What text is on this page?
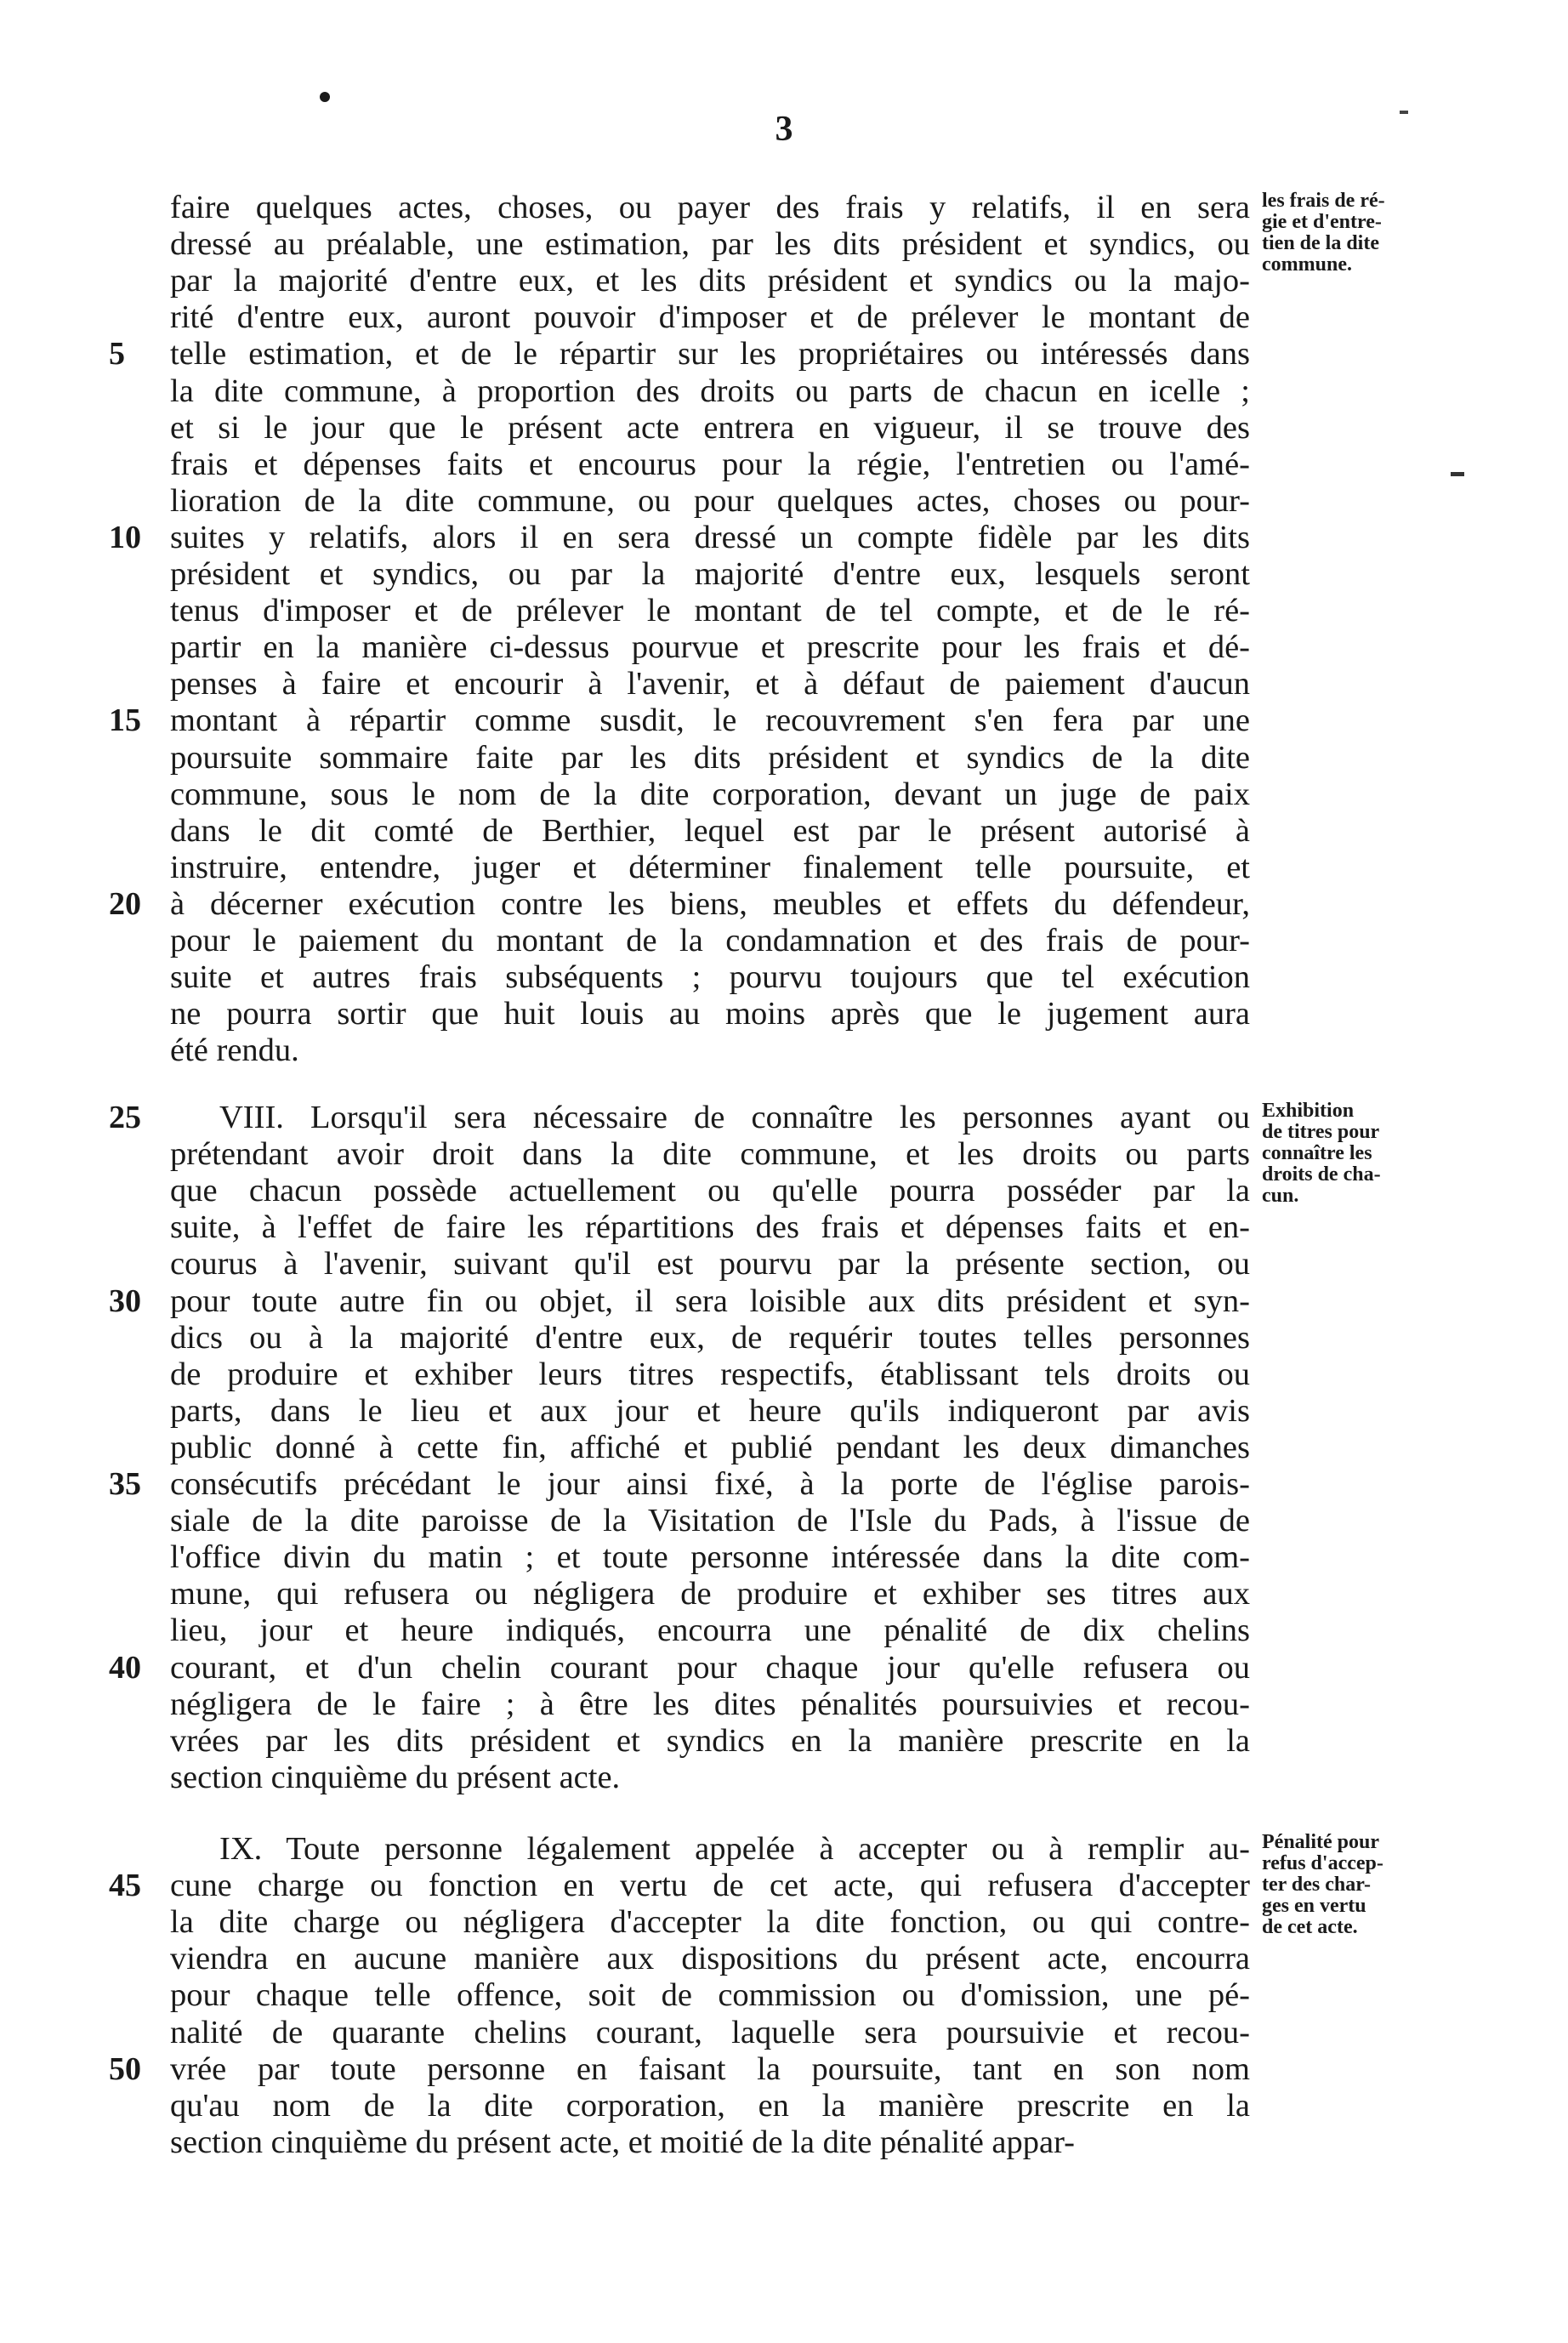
3
faire quelques actes, choses, ou payer des frais y relatifs, il en sera
dressé au préalable, une estimation, par les dits président et syndics, ou
par la majorité d'entre eux, et les dits président et syndics ou la majo-
rité d'entre eux, auront pouvoir d'imposer et de prélever le montant de
5	telle estimation, et de le répartir sur les propriétaires ou intéressés dans
la dite commune, à proportion des droits ou parts de chacun en icelle ;
et si le jour que le présent acte entrera en vigueur, il se trouve des
frais et dépenses faits et encourus pour la régie, l'entretien ou l'amé-
lioration de la dite commune, ou pour quelques actes, choses ou pour-
10 suites y relatifs, alors il en sera dressé un compte fidèle par les dits
président et syndics, ou par la majorité d'entre eux, lesquels seront
tenus d'imposer et de prélever le montant de tel compte, et de le ré-
partir en la manière ci-dessus pourvue et prescrite pour les frais et dé-
penses à faire et encourir à l'avenir, et à défaut de paiement d'aucun
15 montant à répartir comme susdit, le recouvrement s'en fera par une
poursuite sommaire faite par les dits président et syndics de la dite
commune, sous le nom de la dite corporation, devant un juge de paix
dans le dit comté de Berthier, lequel est par le présent autorisé à
instruire, entendre, juger et déterminer finalement telle poursuite, et
20 à décerner exécution contre les biens, meubles et effets du défendeur,
pour le paiement du montant de la condamnation et des frais de pour-
suite et autres frais subséquents ; pourvu toujours que tel exécution
ne pourra sortir que huit louis au moins après que le jugement aura
été rendu.
25	VIII. Lorsqu'il sera nécessaire de connaître les personnes ayant ou
prétendant avoir droit dans la dite commune, et les droits ou parts
que chacun possède actuellement ou qu'elle pourra posséder par la
suite, à l'effet de faire les répartitions des frais et dépenses faits et en-
courus à l'avenir, suivant qu'il est pourvu par la présente section, ou
30 pour toute autre fin ou objet, il sera loisible aux dits président et syn-
dics ou à la majorité d'entre eux, de requérir toutes telles personnes
de produire et exhiber leurs titres respectifs, établissant tels droits ou
parts, dans le lieu et aux jour et heure qu'ils indiqueront par avis
public donné à cette fin, affiché et publié pendant les deux dimanches
35 consécutifs précédant le jour ainsi fixé, à la porte de l'église parois-
siale de la dite paroisse de la Visitation de l'Isle du Pads, à l'issue de
l'office divin du matin ; et toute personne intéressée dans la dite com-
mune, qui refusera ou négligera de produire et exhiber ses titres aux
lieu, jour et heure indiqués, encourra une pénalité de dix chelins
40 courant, et d'un chelin courant pour chaque jour qu'elle refusera ou
négligera de le faire ; à être les dites pénalités poursuivies et recou-
vrées par les dits président et syndics en la manière prescrite en la
section cinquième du présent acte.
IX. Toute personne légalement appelée à accepter ou à remplir au-
45 cune charge ou fonction en vertu de cet acte, qui refusera d'accepter
la dite charge ou négligera d'accepter la dite fonction, ou qui contre-
viendra en aucune manière aux dispositions du présent acte, encourra
pour chaque telle offence, soit de commission ou d'omission, une pé-
nalité de quarante chelins courant, laquelle sera poursuivie et recou-
50 vrée par toute personne en faisant la poursuite, tant en son nom
qu'au nom de la dite corporation, en la manière prescrite en la
section cinquième du présent acte, et moitié de la dite pénalité appar-
les frais de ré-
gie et d'entre-
tien de la dite
commune.
Exhibition
de titres pour
connaître les
droits de cha-
cun.
Pénalité pour
refus d'accep-
ter des char-
ges en vertu
de cet acte.
